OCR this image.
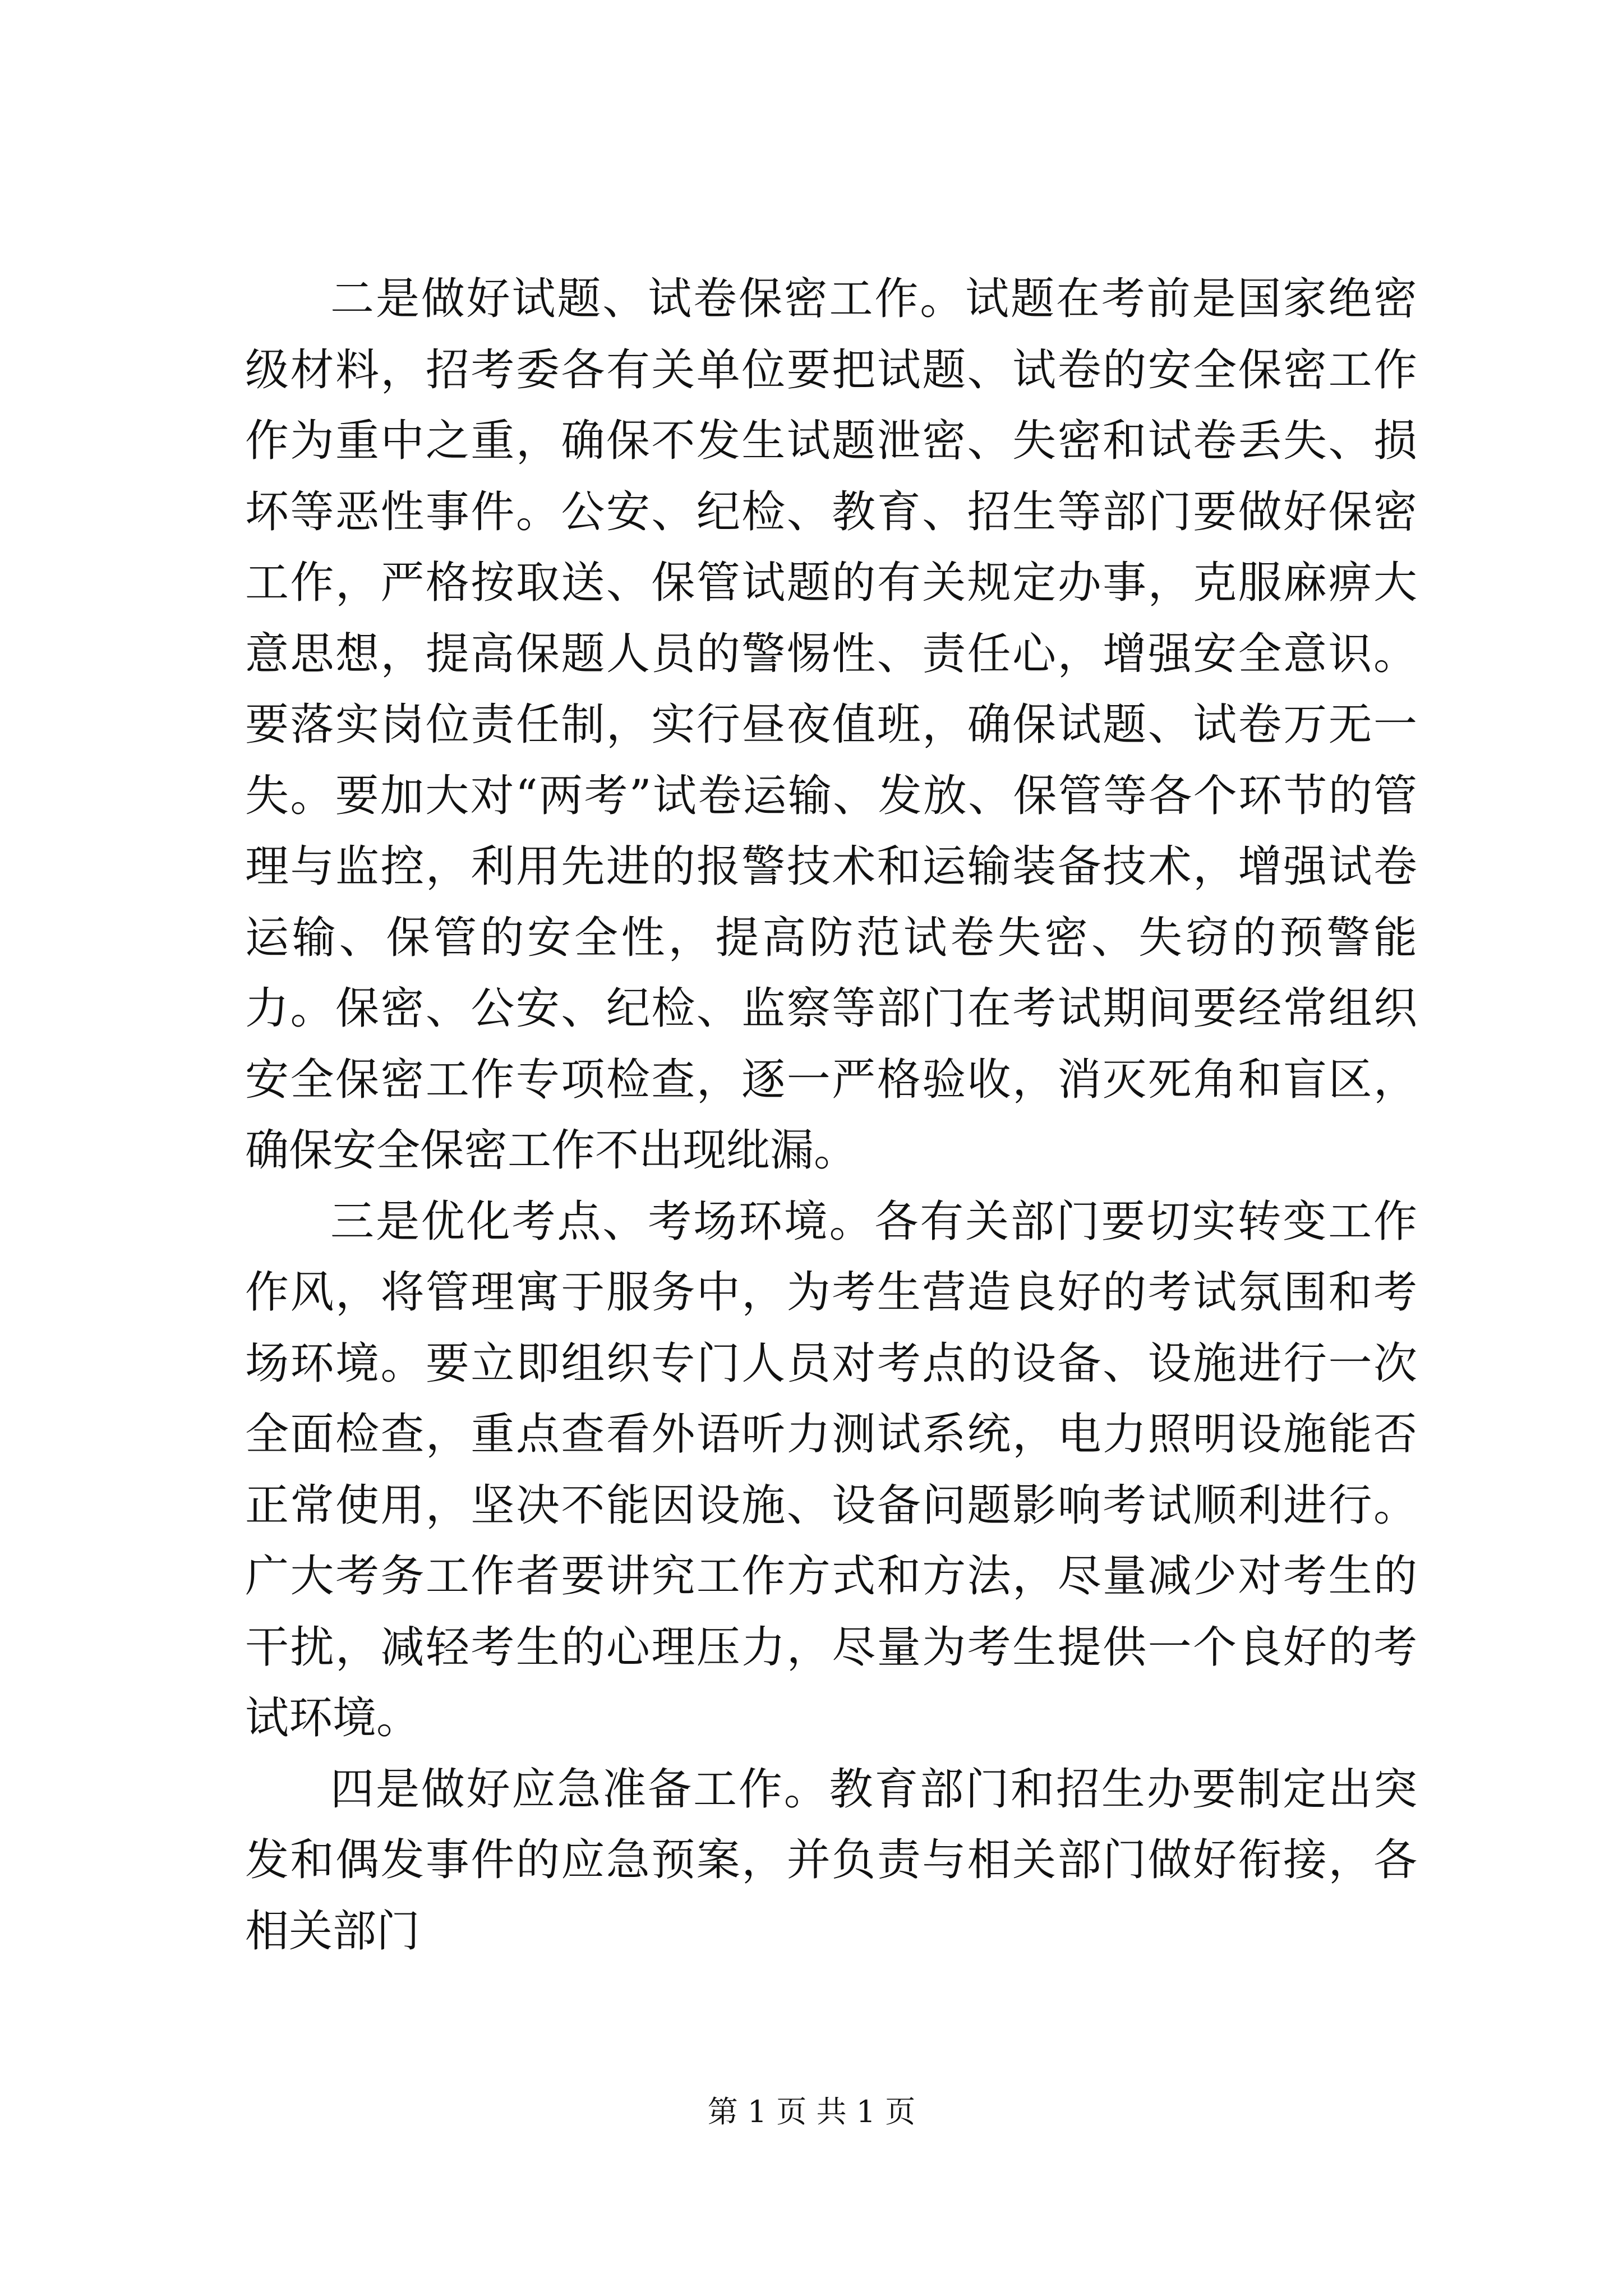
二是做好试题、试卷保密工作。试题在考前是国家绝密级材料，招考委各有关单位要把试题、试卷的安全保密工作作为重中之重，确保不发生试题泄密、失密和试卷丢失、损坏等恶性事件。公安、纪检、教育、招生等部门要做好保密工作，严格按取送、保管试题的有关规定办事，克服麻痹大意思想，提高保题人员的警惕性、责任心，增强安全意识。要落实岗位责任制，实行昼夜值班，确保试题、试卷万无一失。要加大对“两考”试卷运输、发放、保管等各个环节的管理与监控，利用先进的报警技术和运输装备技术，增强试卷运输、保管的安全性，提高防范试卷失密、失窃的预警能力。保密、公安、纪检、监察等部门在考试期间要经常组织安全保密工作专项检查，逐一严格验收，消灭死角和盲区，确保安全保密工作不出现纰漏。

三是优化考点、考场环境。各有关部门要切实转变工作作风，将管理寓于服务中，为考生营造良好的考试氛围和考场环境。要立即组织专门人员对考点的设备、设施进行一次全面检查，重点查看外语听力测试系统，电力照明设施能否正常使用，坚决不能因设施、设备问题影响考试顺利进行。广大考务工作者要讲究工作方式和方法，尽量减少对考生的干扰，减轻考生的心理压力，尽量为考生提供一个良好的考试环境。

四是做好应急准备工作。教育部门和招生办要制定出突发和偶发事件的应急预案，并负责与相关部门做好衔接，各相关部门

第 1 页 共 1 页
